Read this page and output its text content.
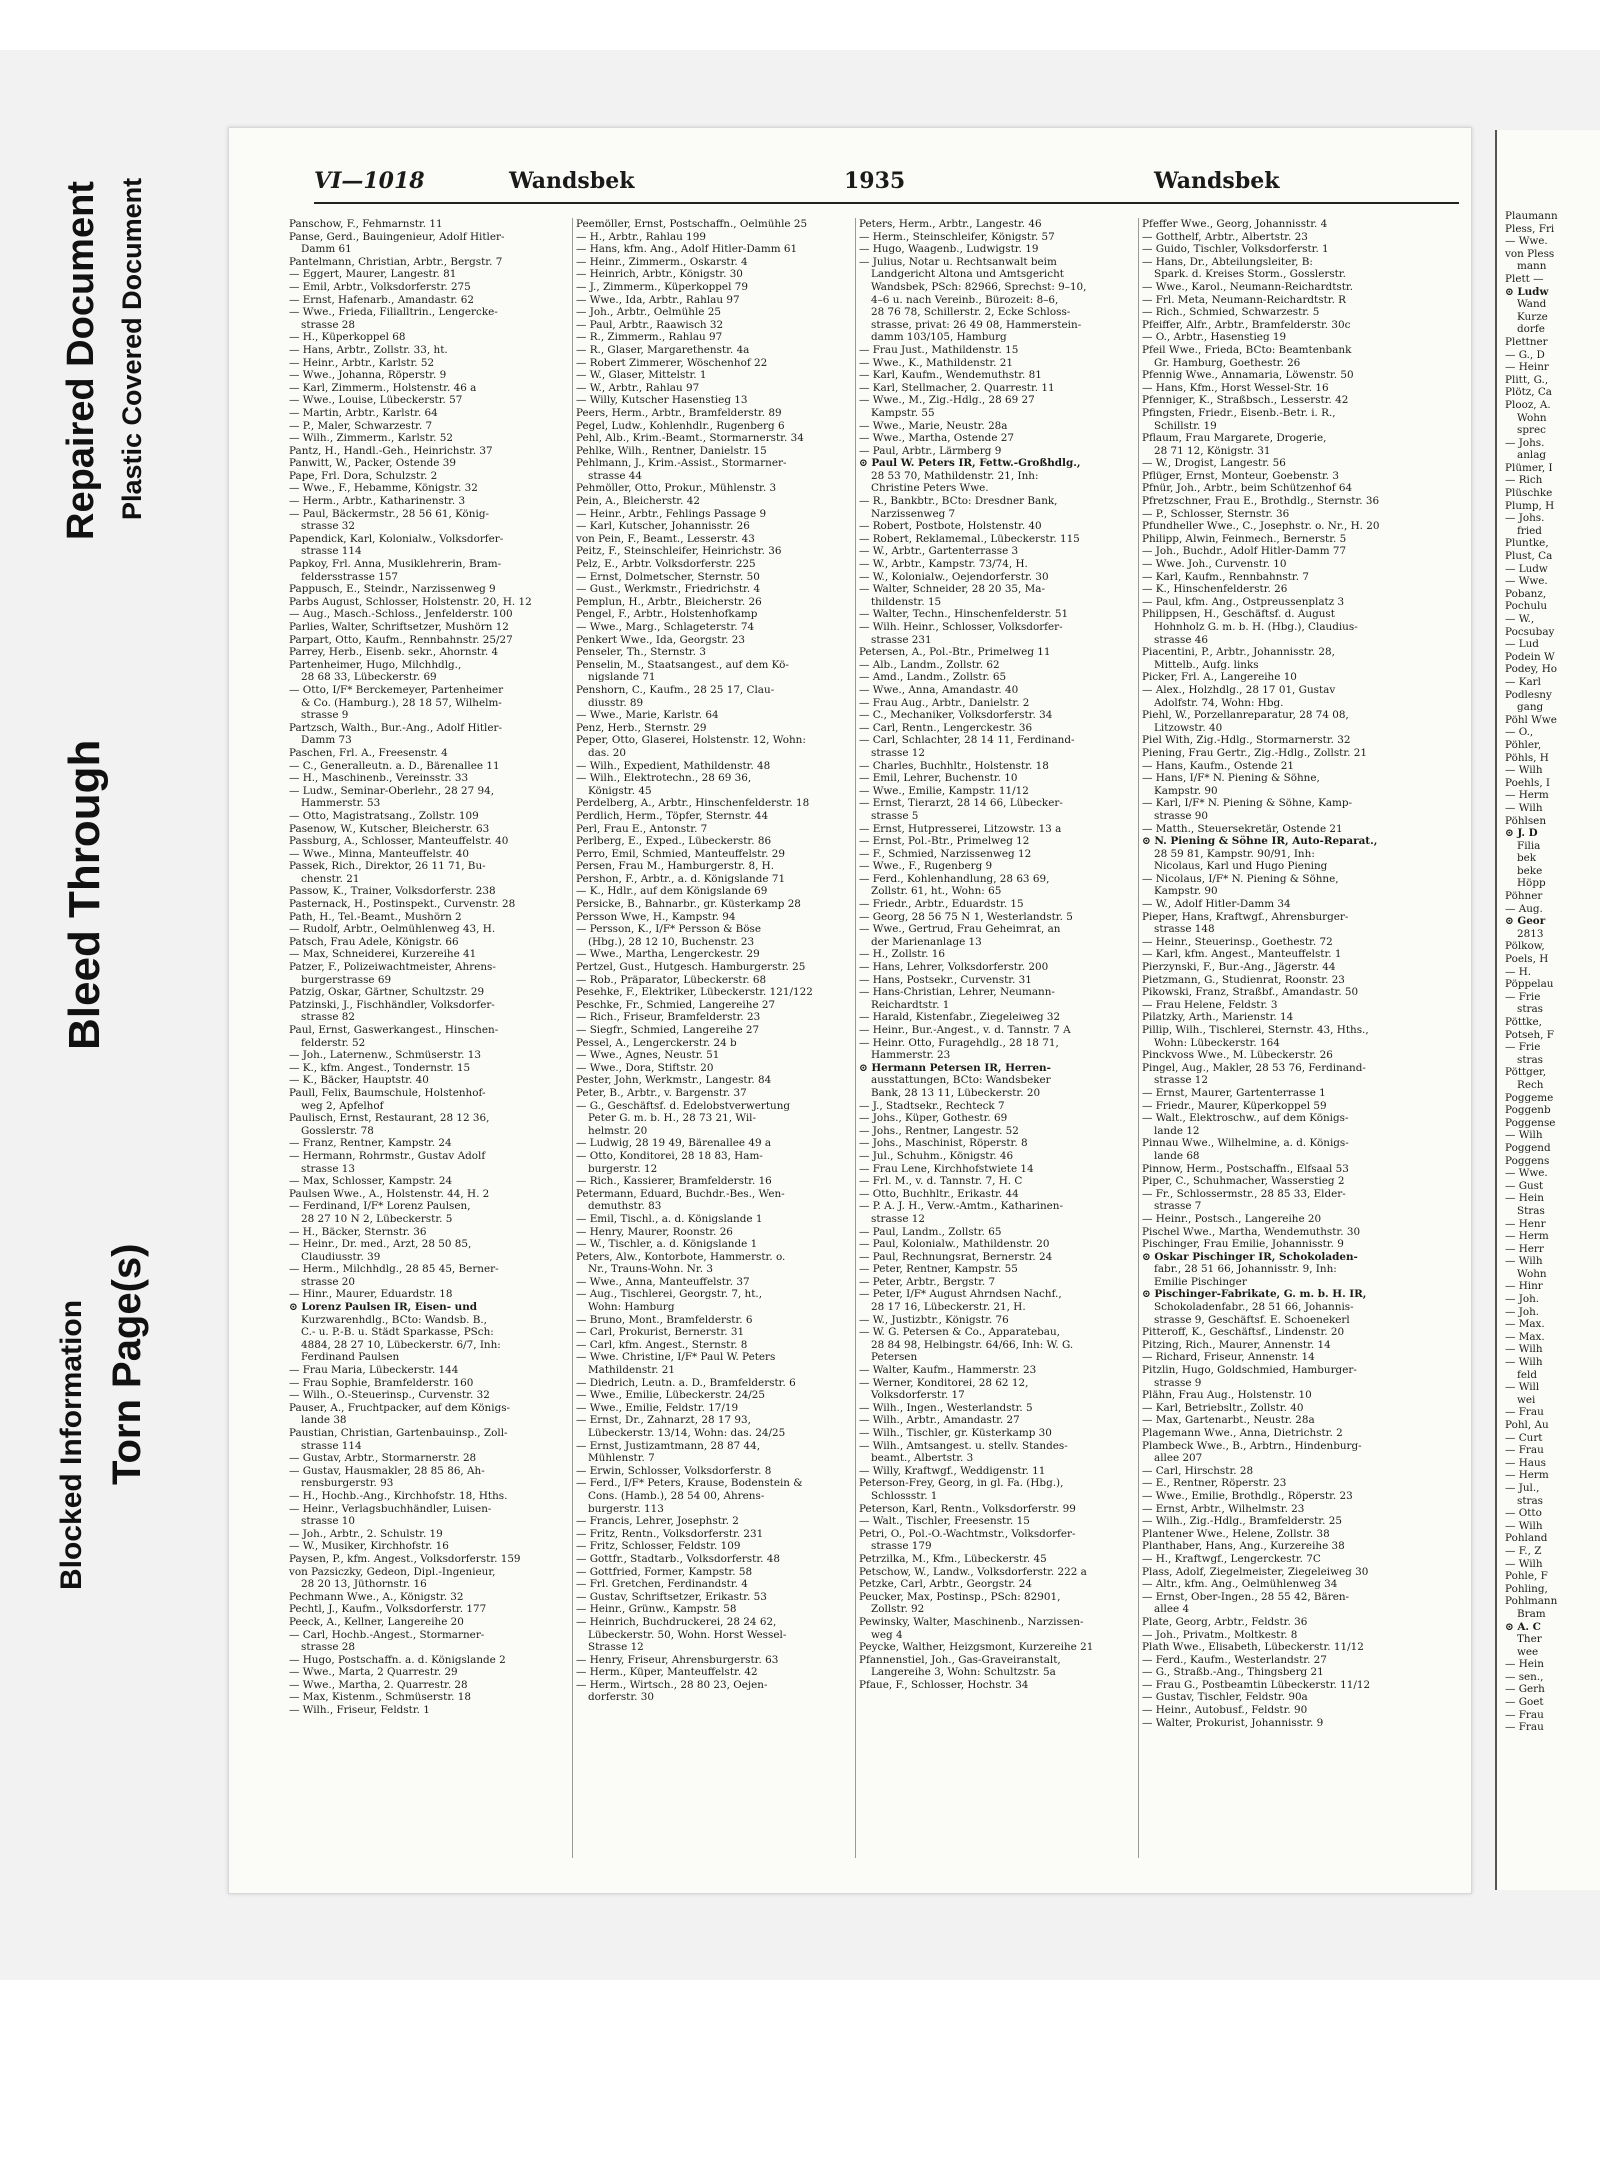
Blocked Information Torn Page(s)
Bleed Through
Repaired Document Plastic Covered Document	VI—1018	Wandsbek	1935	Wandsbek
Panschow, F., Fehmarnstr. 11
Panse, Gerd., Bauingenieur, Adolf Hitler-
Damm 61
Pantelmann, Christian, Arbtr., Bergstr. 7
— Eggert, Maurer, Langestr. 81
— Emil, Arbtr., Volksdorferstr. 275
— Ernst, Hafenarb., Amandastr. 62
— Wwe., Frieda, Filialltrin., Lengercke-
strasse 28
— H., Küperkoppel 68
— Hans, Arbtr., Zollstr. 33, ht.
— Heinr., Arbtr., Karlstr. 52
— Wwe., Johanna, Röperstr. 9
— Karl, Zimmerm., Holstenstr. 46 a
— Wwe., Louise, Lübeckerstr. 57
— Martin, Arbtr., Karlstr. 64
— P., Maler, Schwarzestr. 7
— Wilh., Zimmerm., Karlstr. 52
Pantz, H., Handl.-Geh., Heinrichstr. 37
Panwitt, W., Packer, Ostende 39
Pape, Frl. Dora, Schulzstr. 2
— Wwe., F., Hebamme, Königstr. 32
— Herm., Arbtr., Katharinenstr. 3
— Paul, Bäckermstr., 28 56 61, König-
strasse 32
Papendick, Karl, Kolonialw., Volksdorfer-
strasse 114
Papkoy, Frl. Anna, Musiklehrerin, Bram-
feldersstrasse 157
Pappusch, E., Steindr., Narzissenweg 9
Parbs August, Schlosser, Holstenstr. 20, H. 12
— Aug., Masch.-Schloss., Jenfelderstr. 100
Parlies, Walter, Schriftsetzer, Mushörn 12
Parpart, Otto, Kaufm., Rennbahnstr. 25/27
Parrey, Herb., Eisenb. sekr., Ahornstr. 4
Partenheimer, Hugo, Milchhdlg.,
28 68 33, Lübeckerstr. 69
— Otto, I/F* Berckemeyer, Partenheimer
& Co. (Hamburg.), 28 18 57, Wilhelm-
strasse 9
Partzsch, Walth., Bur.-Ang., Adolf Hitler-
Damm 73
Paschen, Frl. A., Freesenstr. 4
— C., Generalleutn. a. D., Bärenallee 11
— H., Maschinenb., Vereinsstr. 33
— Ludw., Seminar-Oberlehr., 28 27 94,
Hammerstr. 53
— Otto, Magistratsang., Zollstr. 109
Pasenow, W., Kutscher, Bleicherstr. 63
Passburg, A., Schlosser, Manteuffelstr. 40
— Wwe., Minna, Manteuffelstr. 40
Passek, Rich., Direktor, 26 11 71, Bu-
chenstr. 21
Passow, K., Trainer, Volksdorferstr. 238
Pasternack, H., Postinspekt., Curvenstr. 28
Path, H., Tel.-Beamt., Mushörn 2
— Rudolf, Arbtr., Oelmühlenweg 43, H.
Patsch, Frau Adele, Königstr. 66
— Max, Schneiderei, Kurzereihe 41
Patzer, F., Polizeiwachtmeister, Ahrens-
burgerstrasse 69
Patzig, Oskar, Gärtner, Schultzstr. 29
Patzinski, J., Fischhändler, Volksdorfer-
strasse 82
Paul, Ernst, Gaswerkangest., Hinschen-
felderstr. 52
— Joh., Laternenw., Schmüserstr. 13
— K., kfm. Angest., Tondernstr. 15
— K., Bäcker, Hauptstr. 40
Paull, Felix, Baumschule, Holstenhof-
weg 2, Apfelhof
Paulisch, Ernst, Restaurant, 28 12 36,
Gosslerstr. 78
— Franz, Rentner, Kampstr. 24
— Hermann, Rohrmstr., Gustav Adolf
strasse 13
— Max, Schlosser, Kampstr. 24
Paulsen Wwe., A., Holstenstr. 44, H. 2
— Ferdinand, I/F* Lorenz Paulsen,
28 27 10 N 2, Lübeckerstr. 5
— H., Bäcker, Sternstr. 36
— Heinr., Dr. med., Arzt, 28 50 85,
Claudiusstr. 39
— Herm., Milchhdlg., 28 85 45, Berner-
strasse 20
— Hinr., Maurer, Eduardstr. 18
⊙ Lorenz Paulsen IR, Eisen- und
Kurzwarenhdlg., BCto: Wandsb. B.,
C.- u. P.-B. u. Städt Sparkasse, PSch:
4884, 28 27 10, Lübeckerstr. 6/7, Inh:
Ferdinand Paulsen
— Frau Maria, Lübeckerstr. 144
— Frau Sophie, Bramfelderstr. 160
— Wilh., O.-Steuerinsp., Curvenstr. 32
Pauser, A., Fruchtpacker, auf dem Königs-
lande 38
Paustian, Christian, Gartenbauinsp., Zoll-
strasse 114
— Gustav, Arbtr., Stormarnerstr. 28
— Gustav, Hausmakler, 28 85 86, Ah-
rensburgerstr. 93
— H., Hochb.-Ang., Kirchhofstr. 18, Hths.
— Heinr., Verlagsbuchhändler, Luisen-
strasse 10
— Joh., Arbtr., 2. Schulstr. 19
— W., Musiker, Kirchhofstr. 16
Paysen, P., kfm. Angest., Volksdorferstr. 159
von Pazsiczky, Gedeon, Dipl.-Ingenieur,
28 20 13, Jüthornstr. 16
Pechmann Wwe., A., Königstr. 32
Pechtl, J., Kaufm., Volksdorferstr. 177
Peeck, A., Kellner, Langereihe 20
— Carl, Hochb.-Angest., Stormarner-
strasse 28
— Hugo, Postschaffn. a. d. Königslande 2
— Wwe., Marta, 2 Quarrestr. 29
— Wwe., Martha, 2. Quarrestr. 28
— Max, Kistenm., Schmüserstr. 18
— Wilh., Friseur, Feldstr. 1
Peemöller, Ernst, Postschaffn., Oelmühle 25
— H., Arbtr., Rahlau 199
— Hans, kfm. Ang., Adolf Hitler-Damm 61
— Heinr., Zimmerm., Oskarstr. 4
— Heinrich, Arbtr., Königstr. 30
— J., Zimmerm., Küperkoppel 79
— Wwe., Ida, Arbtr., Rahlau 97
— Joh., Arbtr., Oelmühle 25
— Paul, Arbtr., Raawisch 32
— R., Zimmerm., Rahlau 97
— R., Glaser, Margarethenstr. 4a
— Robert Zimmerer, Wöschenhof 22
— W., Glaser, Mittelstr. 1
— W., Arbtr., Rahlau 97
— Willy, Kutscher Hasenstieg 13
Peers, Herm., Arbtr., Bramfelderstr. 89
Pegel, Ludw., Kohlenhdlr., Rugenberg 6
Pehl, Alb., Krim.-Beamt., Stormarnerstr. 34
Pehlke, Wilh., Rentner, Danielstr. 15
Pehlmann, J., Krim.-Assist., Stormarner-
strasse 44
Pehmöller, Otto, Prokur., Mühlenstr. 3
Pein, A., Bleicherstr. 42
— Heinr., Arbtr., Fehlings Passage 9
— Karl, Kutscher, Johannisstr. 26
von Pein, F., Beamt., Lesserstr. 43
Peitz, F., Steinschleifer, Heinrichstr. 36
Pelz, E., Arbtr. Volksdorferstr. 225
— Ernst, Dolmetscher, Sternstr. 50
— Gust., Werkmstr., Friedrichstr. 4
Pemplun, H., Arbtr., Bleicherstr. 26
Pengel, F., Arbtr., Holstenhofkamp
— Wwe., Marg., Schlageterstr. 74
Penkert Wwe., Ida, Georgstr. 23
Penseler, Th., Sternstr. 3
Penselin, M., Staatsangest., auf dem Kö-
nigslande 71
Penshorn, C., Kaufm., 28 25 17, Clau-
diusstr. 89
— Wwe., Marie, Karlstr. 64
Penz, Herb., Sternstr. 29
Peper, Otto, Glaserei, Holstenstr. 12, Wohn:
das. 20
— Wilh., Expedient, Mathildenstr. 48
— Wilh., Elektrotechn., 28 69 36,
Königstr. 45
Perdelberg, A., Arbtr., Hinschenfelderstr. 18
Perdlich, Herm., Töpfer, Sternstr. 44
Perl, Frau E., Antonstr. 7
Perlberg, E., Exped., Lübeckerstr. 86
Perro, Emil, Schmied, Manteuffelstr. 29
Persen, Frau M., Hamburgerstr. 8, H.
Pershon, F., Arbtr., a. d. Königslande 71
— K., Hdlr., auf dem Königslande 69
Persicke, B., Bahnarbr., gr. Küsterkamp 28
Persson Wwe, H., Kampstr. 94
— Persson, K., I/F* Persson & Böse
(Hbg.), 28 12 10, Buchenstr. 23
— Wwe., Martha, Lengerckestr. 29
Pertzel, Gust., Hutgesch. Hamburgerstr. 25
— Rob., Präparator, Lübeckerstr. 68
Pesehke, F., Elektriker, Lübeckerstr. 121/122
Peschke, Fr., Schmied, Langereihe 27
— Rich., Friseur, Bramfelderstr. 23
— Siegfr., Schmied, Langereihe 27
Pessel, A., Lengerckerstr. 24 b
— Wwe., Agnes, Neustr. 51
— Wwe., Dora, Stiftstr. 20
Pester, John, Werkmstr., Langestr. 84
Peter, B., Arbtr., v. Bargenstr. 37
— G., Geschäftsf. d. Edelobstverwertung
Peter G. m. b. H., 28 73 21, Wil-
helmstr. 20
— Ludwig, 28 19 49, Bärenallee 49 a
— Otto, Konditorei, 28 18 83, Ham-
burgerstr. 12
— Rich., Kassierer, Bramfelderstr. 16
Petermann, Eduard, Buchdr.-Bes., Wen-
demuthstr. 83
— Emil, Tischl., a. d. Königslande 1
— Henry, Maurer, Roonstr. 26
— W., Tischler, a. d. Königslande 1
Peters, Alw., Kontorbote, Hammerstr. o.
Nr., Trauns-Wohn. Nr. 3
— Wwe., Anna, Manteuffelstr. 37
— Aug., Tischlerei, Georgstr. 7, ht.,
Wohn: Hamburg
— Bruno, Mont., Bramfelderstr. 6
— Carl, Prokurist, Bernerstr. 31
— Carl, kfm. Angest., Sternstr. 8
— Wwe. Christine, I/F* Paul W. Peters
Mathildenstr. 21
— Diedrich, Leutn. a. D., Bramfelderstr. 6
— Wwe., Emilie, Lübeckerstr. 24/25
— Wwe., Emilie, Feldstr. 17/19
— Ernst, Dr., Zahnarzt, 28 17 93,
Lübeckerstr. 13/14, Wohn: das. 24/25
— Ernst, Justizamtmann, 28 87 44,
Mühlenstr. 7
— Erwin, Schlosser, Volksdorferstr. 8
— Ferd., I/F* Peters, Krause, Bodenstein &
Cons. (Hamb.), 28 54 00, Ahrens-
burgerstr. 113
— Francis, Lehrer, Josephstr. 2
— Fritz, Rentn., Volksdorferstr. 231
— Fritz, Schlosser, Feldstr. 109
— Gottfr., Stadtarb., Volksdorferstr. 48
— Gottfried, Former, Kampstr. 58
— Frl. Gretchen, Ferdinandstr. 4
— Gustav, Schriftsetzer, Erikastr. 53
— Heinr., Grünw., Kampstr. 58
— Heinrich, Buchdruckerei, 28 24 62,
Lübeckerstr. 50, Wohn. Horst Wessel-
Strasse 12
— Henry, Friseur, Ahrensburgerstr. 63
— Herm., Küper, Manteuffelstr. 42
— Herm., Wirtsch., 28 80 23, Oejen-
dorferstr. 30
Peters, Herm., Arbtr., Langestr. 46
— Herm., Steinschleifer, Königstr. 57
— Hugo, Waagenb., Ludwigstr. 19
— Julius, Notar u. Rechtsanwalt beim
Landgericht Altona und Amtsgericht
Wandsbek, PSch: 82966, Sprechst: 9–10,
4–6 u. nach Vereinb., Bürozeit: 8–6,
28 76 78, Schillerstr. 2, Ecke Schloss-
strasse, privat: 26 49 08, Hammerstein-
damm 103/105, Hamburg
— Frau Just., Mathildenstr. 15
— Wwe., K., Mathildenstr. 21
— Karl, Kaufm., Wendemuthstr. 81
— Karl, Stellmacher, 2. Quarrestr. 11
— Wwe., M., Zig.-Hdlg., 28 69 27
Kampstr. 55
— Wwe., Marie, Neustr. 28a
— Wwe., Martha, Ostende 27
— Paul, Arbtr., Lärmberg 9
⊙ Paul W. Peters IR, Fettw.-Großhdlg.,
28 53 70, Mathildenstr. 21, Inh:
Christine Peters Wwe.
— R., Bankbtr., BCto: Dresdner Bank,
Narzissenweg 7
— Robert, Postbote, Holstenstr. 40
— Robert, Reklamemal., Lübeckerstr. 115
— W., Arbtr., Gartenterrasse 3
— W., Arbtr., Kampstr. 73/74, H.
— W., Kolonialw., Oejendorferstr. 30
— Walter, Schneider, 28 20 35, Ma-
thildenstr. 15
— Walter, Techn., Hinschenfelderstr. 51
— Wilh. Heinr., Schlosser, Volksdorfer-
strasse 231
Petersen, A., Pol.-Btr., Primelweg 11
— Alb., Landm., Zollstr. 62
— Amd., Landm., Zollstr. 65
— Wwe., Anna, Amandastr. 40
— Frau Aug., Arbtr., Danielstr. 2
— C., Mechaniker, Volksdorferstr. 34
— Carl, Rentn., Lengerckestr. 36
— Carl, Schlachter, 28 14 11, Ferdinand-
strasse 12
— Charles, Buchhltr., Holstenstr. 18
— Emil, Lehrer, Buchenstr. 10
— Wwe., Emilie, Kampstr. 11/12
— Ernst, Tierarzt, 28 14 66, Lübecker-
strasse 5
— Ernst, Hutpresserei, Litzowstr. 13 a
— Ernst, Pol.-Btr., Primelweg 12
— F., Schmied, Narzissenweg 12
— Wwe., F., Rugenberg 9
— Ferd., Kohlenhandlung, 28 63 69,
Zollstr. 61, ht., Wohn: 65
— Friedr., Arbtr., Eduardstr. 15
— Georg, 28 56 75 N 1, Westerlandstr. 5
— Wwe., Gertrud, Frau Geheimrat, an
der Marienanlage 13
— H., Zollstr. 16
— Hans, Lehrer, Volksdorferstr. 200
— Hans, Postsekr., Curvenstr. 31
— Hans-Christian, Lehrer, Neumann-
Reichardtstr. 1
— Harald, Kistenfabr., Ziegeleiweg 32
— Heinr., Bur.-Angest., v. d. Tannstr. 7 A
— Heinr. Otto, Furagehdlg., 28 18 71,
Hammerstr. 23
⊙ Hermann Petersen IR, Herren-
ausstattungen, BCto: Wandsbeker
Bank, 28 13 11, Lübeckerstr. 20
— J., Stadtsekr., Rechteck 7
— Johs., Küper, Gothestr. 69
— Johs., Rentner, Langestr. 52
— Johs., Maschinist, Röperstr. 8
— Jul., Schuhm., Königstr. 46
— Frau Lene, Kirchhofstwiete 14
— Frl. M., v. d. Tannstr. 7, H. C
— Otto, Buchhltr., Erikastr. 44
— P. A. J. H., Verw.-Amtm., Katharinen-
strasse 12
— Paul, Landm., Zollstr. 65
— Paul, Kolonialw., Mathildenstr. 20
— Paul, Rechnungsrat, Bernerstr. 24
— Peter, Rentner, Kampstr. 55
— Peter, Arbtr., Bergstr. 7
— Peter, I/F* August Ahrndsen Nachf.,
28 17 16, Lübeckerstr. 21, H.
— W., Justizbtr., Königstr. 76
— W. G. Petersen & Co., Apparatebau,
28 84 98, Helbingstr. 64/66, Inh: W. G.
Petersen
— Walter, Kaufm., Hammerstr. 23
— Werner, Konditorei, 28 62 12,
Volksdorferstr. 17
— Wilh., Ingen., Westerlandstr. 5
— Wilh., Arbtr., Amandastr. 27
— Wilh., Tischler, gr. Küsterkamp 30
— Wilh., Amtsangest. u. stellv. Standes-
beamt., Albertstr. 3
— Willy, Kraftwgf., Weddigenstr. 11
Peterson-Frey, Georg, in gl. Fa. (Hbg.),
Schlossstr. 1
Peterson, Karl, Rentn., Volksdorferstr. 99
— Walt., Tischler, Freesenstr. 15
Petri, O., Pol.-O.-Wachtmstr., Volksdorfer-
strasse 179
Petrzilka, M., Kfm., Lübeckerstr. 45
Petschow, W., Landw., Volksdorferstr. 222 a
Petzke, Carl, Arbtr., Georgstr. 24
Peucker, Max, Postinsp., PSch: 82901,
Zollstr. 92
Pewinsky, Walter, Maschinenb., Narzissen-
weg 4
Peycke, Walther, Heizgsmont, Kurzereihe 21
Pfannenstiel, Joh., Gas-Graveiranstalt,
Langereihe 3, Wohn: Schultzstr. 5a
Pfaue, F., Schlosser, Hochstr. 34
Pfeffer Wwe., Georg, Johannisstr. 4
— Gotthelf, Arbtr., Albertstr. 23
— Guido, Tischler, Volksdorferstr. 1
— Hans, Dr., Abteilungsleiter, B:
Spark. d. Kreises Storm., Gosslerstr.
— Wwe., Karol., Neumann-Reichardtstr.
— Frl. Meta, Neumann-Reichardtstr. R
— Rich., Schmied, Schwarzestr. 5
Pfeiffer, Alfr., Arbtr., Bramfelderstr. 30c
— O., Arbtr., Hasenstieg 19
Pfeil Wwe., Frieda, BCto: Beamtenbank
Gr. Hamburg, Goethestr. 26
Pfennig Wwe., Annamaria, Löwenstr. 50
— Hans, Kfm., Horst Wessel-Str. 16
Pfenniger, K., Straßbsch., Lesserstr. 42
Pfingsten, Friedr., Eisenb.-Betr. i. R.,
Schillstr. 19
Pflaum, Frau Margarete, Drogerie,
28 71 12, Königstr. 31
— W., Drogist, Langestr. 56
Pflüger, Ernst, Monteur, Goebenstr. 3
Pfnür, Joh., Arbtr., beim Schützenhof 64
Pfretzschner, Frau E., Brothdlg., Sternstr. 36
— P., Schlosser, Sternstr. 36
Pfundheller Wwe., C., Josephstr. o. Nr., H. 20
Philipp, Alwin, Feinmech., Bernerstr. 5
— Joh., Buchdr., Adolf Hitler-Damm 77
— Wwe. Joh., Curvenstr. 10
— Karl, Kaufm., Rennbahnstr. 7
— K., Hinschenfelderstr. 26
— Paul, kfm. Ang., Ostpreussenplatz 3
Philippsen, H., Geschäftsf. d. August
Hohnholz G. m. b. H. (Hbg.), Claudius-
strasse 46
Piacentini, P., Arbtr., Johannisstr. 28,
Mittelb., Aufg. links
Picker, Frl. A., Langereihe 10
— Alex., Holzhdlg., 28 17 01, Gustav
Adolfstr. 74, Wohn: Hbg.
Piehl, W., Porzellanreparatur, 28 74 08,
Litzowstr. 40
Piel With, Zig.-Hdlg., Stormarnerstr. 32
Piening, Frau Gertr., Zig.-Hdlg., Zollstr. 21
— Hans, Kaufm., Ostende 21
— Hans, I/F* N. Piening & Söhne,
Kampstr. 90
— Karl, I/F* N. Piening & Söhne, Kamp-
strasse 90
— Matth., Steuersekretär, Ostende 21
⊙ N. Piening & Söhne IR, Auto-Reparat.,
28 59 81, Kampstr. 90/91, Inh:
Nicolaus, Karl und Hugo Piening
— Nicolaus, I/F* N. Piening & Söhne,
Kampstr. 90
— W., Adolf Hitler-Damm 34
Pieper, Hans, Kraftwgf., Ahrensburger-
strasse 148
— Heinr., Steuerinsp., Goethestr. 72
— Karl, kfm. Angest., Manteuffelstr. 1
Pierzynski, F., Bur.-Ang., Jägerstr. 44
Pietzmann, G., Studienrat, Roonstr. 23
Pikowski, Franz, Straßbf., Amandastr. 50
— Frau Helene, Feldstr. 3
Pilatzky, Arth., Marienstr. 14
Pillip, Wilh., Tischlerei, Sternstr. 43, Hths.,
Wohn: Lübeckerstr. 164
Pinckvoss Wwe., M. Lübeckerstr. 26
Pingel, Aug., Makler, 28 53 76, Ferdinand-
strasse 12
— Ernst, Maurer, Gartenterrasse 1
— Friedr., Maurer, Küperkoppel 59
— Walt., Elektroschw., auf dem Königs-
lande 12
Pinnau Wwe., Wilhelmine, a. d. Königs-
lande 68
Pinnow, Herm., Postschaffn., Elfsaal 53
Piper, C., Schuhmacher, Wasserstieg 2
— Fr., Schlossermstr., 28 85 33, Elder-
strasse 7
— Heinr., Postsch., Langereihe 20
Pischel Wwe., Martha, Wendemuthstr. 30
Pischinger, Frau Emilie, Johannisstr. 9
⊙ Oskar Pischinger IR, Schokoladen-
fabr., 28 51 66, Johannisstr. 9, Inh:
Emilie Pischinger
⊙ Pischinger-Fabrikate, G. m. b. H. IR,
Schokoladenfabr., 28 51 66, Johannis-
strasse 9, Geschäftsf. E. Schoenekerl
Pitteroff, K., Geschäftsf., Lindenstr. 20
Pitzing, Rich., Maurer, Annenstr. 14
— Richard, Friseur, Annenstr. 14
Pitzlin, Hugo, Goldschmied, Hamburger-
strasse 9
Plähn, Frau Aug., Holstenstr. 10
— Karl, Betriebsltr., Zollstr. 40
— Max, Gartenarbt., Neustr. 28a
Plagemann Wwe., Anna, Dietrichstr. 2
Plambeck Wwe., B., Arbtrn., Hindenburg-
allee 207
— Carl, Hirschstr. 28
— E., Rentner, Röperstr. 23
— Wwe., Emilie, Brothdlg., Röperstr. 23
— Ernst, Arbtr., Wilhelmstr. 23
— Wilh., Zig.-Hdlg., Bramfelderstr. 25
Plantener Wwe., Helene, Zollstr. 38
Planthaber, Hans, Ang., Kurzereihe 38
— H., Kraftwgf., Lengerckestr. 7C
Plass, Adolf, Ziegelmeister, Ziegeleiweg 30
— Altr., kfm. Ang., Oelmühlenweg 34
— Ernst, Ober-Ingen., 28 55 42, Bären-
allee 4
Plate, Georg, Arbtr., Feldstr. 36
— Joh., Privatm., Moltkestr. 8
Plath Wwe., Elisabeth, Lübeckerstr. 11/12
— Ferd., Kaufm., Westerlandstr. 27
— G., Straßb.-Ang., Thingsberg 21
— Frau G., Postbeamtin Lübeckerstr. 11/12
— Gustav, Tischler, Feldstr. 90a
— Heinr., Autobusf., Feldstr. 90
— Walter, Prokurist, Johannisstr. 9
Plaumann
Pless, Fri
— Wwe.
von Pless
mann
Plett —
⊙ Ludw
Wand
Kurze
dorfe
Plettner
— G., D
— Heinr
Plitt, G.,
Plötz, Ca
Plooz, A.
Wohn
sprec
— Johs.
anlag
Plümer, I
— Rich
Plüschke
Plump, H
— Johs.
fried
Pluntke,
Plust, Ca
— Ludw
— Wwe.
Pobanz,
Pochulu
— W.,
Pocsubay
— Lud
Podein W
Podey, Ho
— Karl
Podlesny
gang
Pöhl Wwe
— O.,
Pöhler,
Pöhls, H
— Wilh
Poehls, I
— Herm
— Wilh
Pöhlsen
⊙ J. D
Filia
bek
beke
Höpp
Pöhner
— Aug.
⊙ Geor
2813
Pölkow,
Poels, H
— H.
Pöppelau
— Frie
stras
Pöttke,
Potseh, F
— Frie
stras
Pöttger,
Rech
Poggeme
Poggenb
Poggense
— Wilh
Poggend
Poggens
— Wwe.
— Gust
— Hein
Stras
— Henr
— Herm
— Herr
— Wilh
Wohn
— Hinr
— Joh.
— Joh.
— Max.
— Max.
— Wilh
— Wilh
feld
— Will
wei
— Frau
Pohl, Au
— Curt
— Frau
— Haus
— Herm
— Jul.,
stras
— Otto
— Wilh
Pohland
— F., Z
— Wilh
Pohle, F
Pohling,
Pohlmann
Bram
⊙ A. C
Ther
wee
— Hein
— sen.,
— Gerh
— Goet
— Frau
— Frau
